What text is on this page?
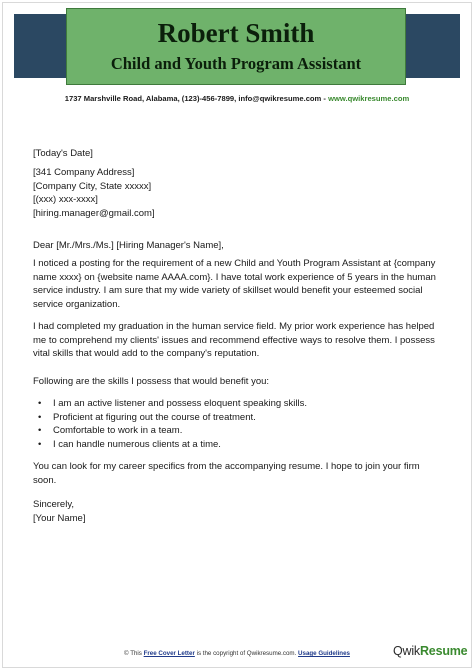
Robert Smith
Child and Youth Program Assistant
1737 Marshville Road, Alabama, (123)-456-7899, info@qwikresume.com - www.qwikresume.com
[Today's Date]

[341 Company Address]

[Company City, State xxxxx]

[(xxx) xxx-xxxx]

[hiring.manager@gmail.com]

Dear [Mr./Mrs./Ms.] [Hiring Manager's Name],
I noticed a posting for the requirement of a new Child and Youth Program Assistant at {company name xxxx} on {website name AAAA.com}. I have total work experience of 5 years in the human service industry. I am sure that my wide variety of skillset would benefit your esteemed social service organization.
I had completed my graduation in the human service field. My prior work experience has helped me to comprehend my clients' issues and recommend effective ways to resolve them. I possess vital skills that would add to the company's reputation.
Following are the skills I possess that would benefit you:
• I am an active listener and possess eloquent speaking skills.
• Proficient at figuring out the course of treatment.
• Comfortable to work in a team.
• I can handle numerous clients at a time.
You can look for my career specifics from the accompanying resume. I hope to join your firm soon.
Sincerely,
[Your Name]
© This Free Cover Letter is the copyright of Qwikresume.com. Usage Guidelines	QwikResume
